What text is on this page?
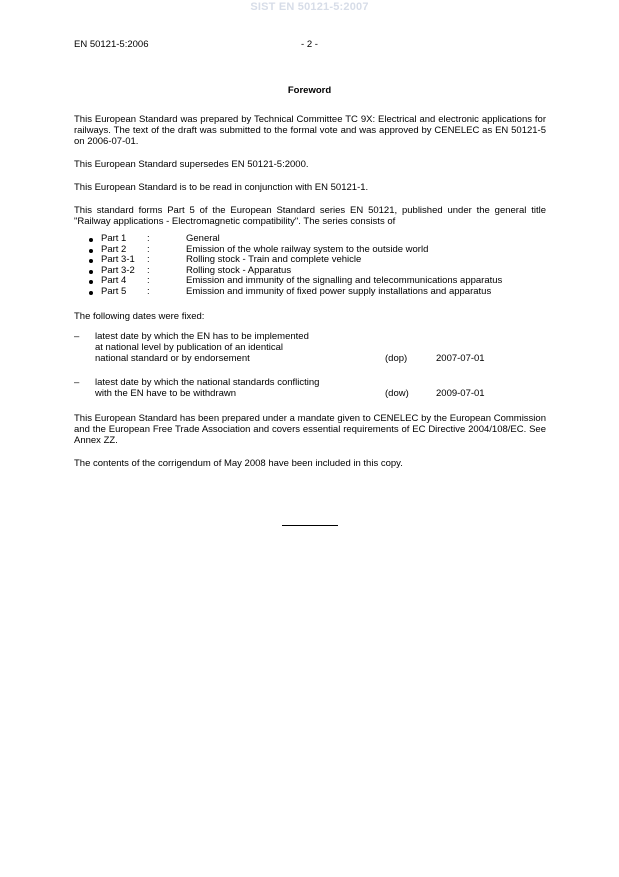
SIST EN 50121-5:2007
EN 50121-5:2006	- 2 -
Foreword

This European Standard was prepared by Technical Committee TC 9X: Electrical and electronic applications for railways. The text of the draft was submitted to the formal vote and was approved by CENELEC as EN 50121-5 on 2006-07-01.

This European Standard supersedes EN 50121-5:2000.

This European Standard is to be read in conjunction with EN 50121-1.

This standard forms Part 5 of the European Standard series EN 50121, published under the general title "Railway applications - Electromagnetic compatibility". The series consists of

Part 1	:	General
Part 2	:	Emission of the whole railway system to the outside world
Part 3-1	:	Rolling stock - Train and complete vehicle
Part 3-2	:	Rolling stock - Apparatus
Part 4	:	Emission and immunity of the signalling and telecommunications apparatus
Part 5	:	Emission and immunity of fixed power supply installations and apparatus

The following dates were fixed:

–	latest date by which the EN has to be implemented
at national level by publication of an identical
national standard or by endorsement	(dop)	2007-07-01
–	latest date by which the national standards conflicting
with the EN have to be withdrawn	(dow)	2009-07-01

This European Standard has been prepared under a mandate given to CENELEC by the European Commission and the European Free Trade Association and covers essential requirements of EC Directive 2004/108/EC. See Annex ZZ.

The contents of the corrigendum of May 2008 have been included in this copy.
